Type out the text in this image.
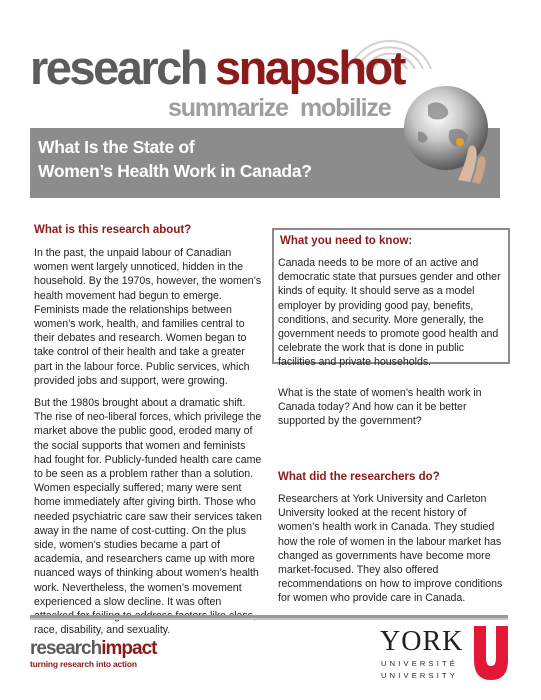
research snapshot
summarize mobilize
What Is the State of
Women’s Health Work in Canada?
What is this research about?

In the past, the unpaid labour of Canadian women went largely unnoticed, hidden in the household. By the 1970s, however, the women’s health movement had begun to emerge. Feminists made the relationships between women’s work, health, and families central to their debates and research. Women began to take control of their health and take a greater part in the labour force. Public services, which provided jobs and support, were growing.

But the 1980s brought about a dramatic shift. The rise of neo-liberal forces, which privilege the market above the public good, eroded many of the social supports that women and feminists had fought for. Publicly-funded health care came to be seen as a problem rather than a solution. Women especially suffered; many were sent home immediately after giving birth. Those who needed psychiatric care saw their services taken away in the name of cost-cutting. On the plus side, women’s studies became a part of academia, and researchers came up with more nuanced ways of thinking about women’s health work. Nevertheless, the women’s movement experienced a slow decline. It was often race, disability, and sexuality.

What you need to know:

Canada needs to be more of an active and democratic state that pursues gender and other kinds of equity. It should serve as a model employer by providing good pay, benefits, conditions, and security. More generally, the government needs to promote good health and celebrate the work that is done in public facilities and private households.

What is the state of women’s health work in Canada today? And how can it be better supported by the government?

What did the researchers do?

Researchers at York University and Carleton University looked at the recent history of women’s health work in Canada. They studied how the role of women in the labour market has changed as governments have become more market-focused. They also offered recommendations on how to improve conditions for women who provide care in Canada.

researchimpact
turning research into action
YORK
UNIVERSITÉ
UNIVERSITY
